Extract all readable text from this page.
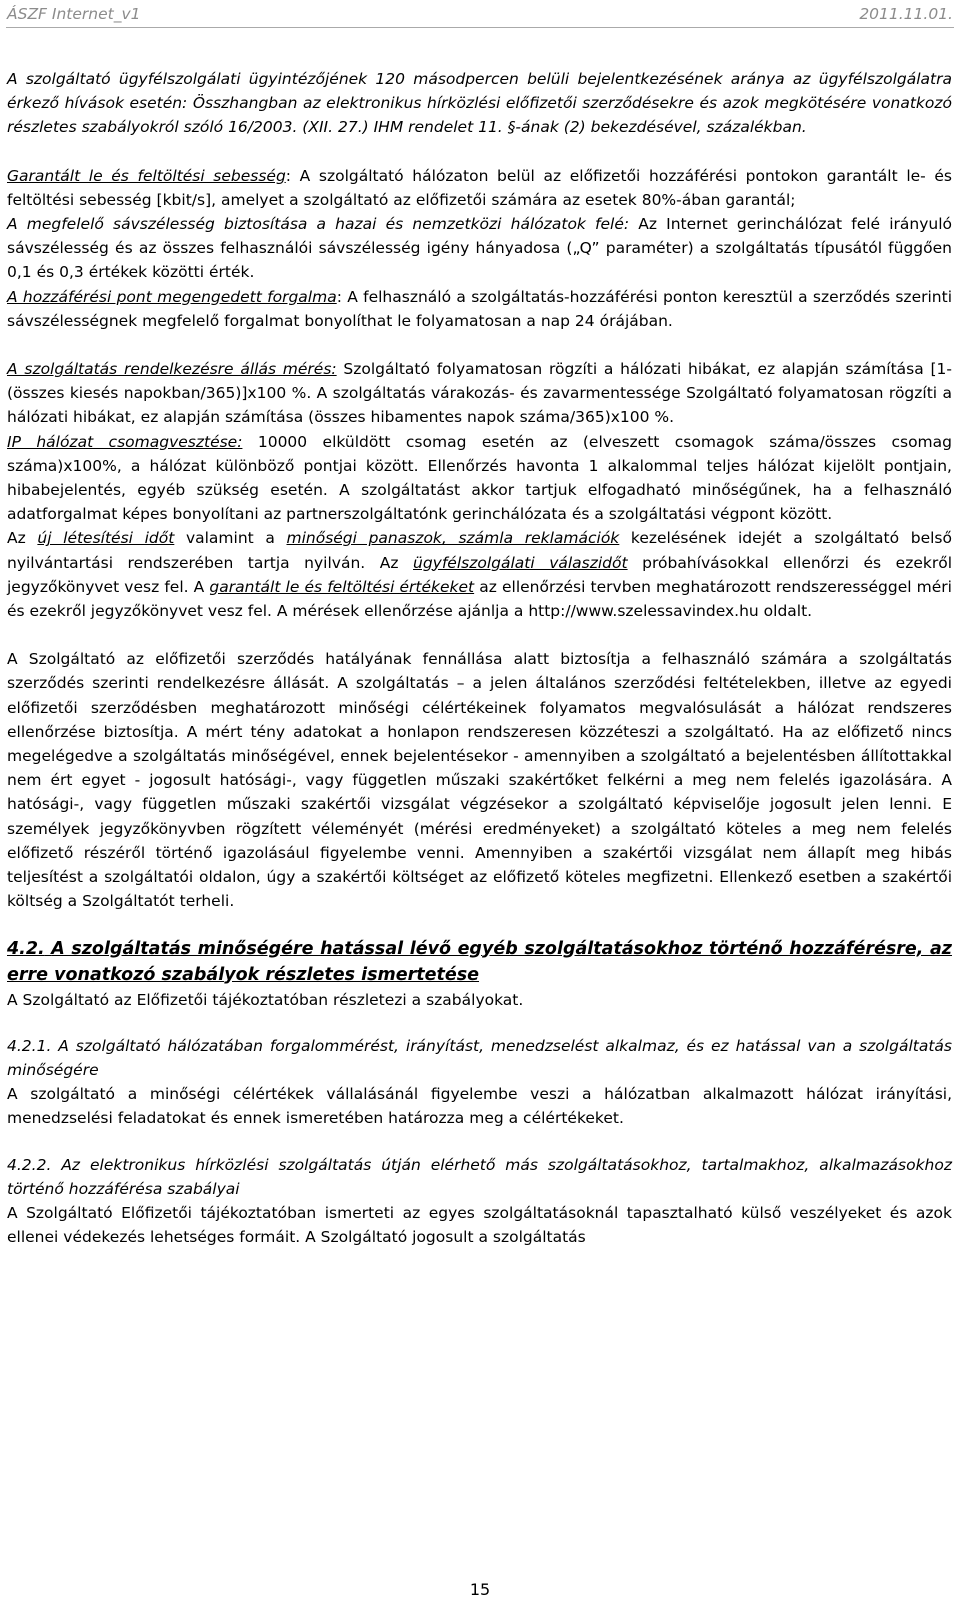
ÁSZF Internet_v1	2011.11.01.

A szolgáltató ügyfélszolgálati ügyintézőjének 120 másodpercen belüli bejelentkezésének aránya az ügyfélszolgálatra érkező hívások esetén: Összhangban az elektronikus hírközlési előfizetői szerződésekre és azok megkötésére vonatkozó részletes szabályokról szóló 16/2003. (XII. 27.) IHM rendelet 11. §-ának (2) bekezdésével, százalékban.

Garantált le és feltöltési sebesség: A szolgáltató hálózaton belül az előfizetői hozzáférési pontokon garantált le- és feltöltési sebesség [kbit/s], amelyet a szolgáltató az előfizetői számára az esetek 80%-ában garantál;

A megfelelő sávszélesség biztosítása a hazai és nemzetközi hálózatok felé: Az Internet gerinchálózat felé irányuló sávszélesség és az összes felhasználói sávszélesség igény hányadosa („Q” paraméter) a szolgáltatás típusától függően 0,1 és 0,3 értékek közötti érték.

A hozzáférési pont megengedett forgalma: A felhasználó a szolgáltatás-hozzáférési ponton keresztül a szerződés szerinti sávszélességnek megfelelő forgalmat bonyolíthat le folyamatosan a nap 24 órájában.

A szolgáltatás rendelkezésre állás mérés: Szolgáltató folyamatosan rögzíti a hálózati hibákat, ez alapján számítása [1-(összes kiesés napokban/365)]x100 %. A szolgáltatás várakozás- és zavarmentessége Szolgáltató folyamatosan rögzíti a hálózati hibákat, ez alapján számítása (összes hibamentes napok száma/365)x100 %.

IP hálózat csomagvesztése: 10000 elküldött csomag esetén az (elveszett csomagok száma/összes csomag száma)x100%, a hálózat különböző pontjai között. Ellenőrzés havonta 1 alkalommal teljes hálózat kijelölt pontjain, hibabejelentés, egyéb szükség esetén. A szolgáltatást akkor tartjuk elfogadható minőségűnek, ha a felhasználó adatforgalmat képes bonyolítani az partnerszolgáltatónk gerinchálózata és a szolgáltatási végpont között.

Az új létesítési időt valamint a minőségi panaszok, számla reklamációk kezelésének idejét a szolgáltató belső nyilvántartási rendszerében tartja nyilván. Az ügyfélszolgálati válaszidőt próbahívásokkal ellenőrzi és ezekről jegyzőkönyvet vesz fel. A garantált le és feltöltési értékeket az ellenőrzési tervben meghatározott rendszerességgel méri és ezekről jegyzőkönyvet vesz fel. A mérések ellenőrzése ajánlja a http://www.szelessavindex.hu oldalt.

A Szolgáltató az előfizetői szerződés hatályának fennállása alatt biztosítja a felhasználó számára a szolgáltatás szerződés szerinti rendelkezésre állását. A szolgáltatás – a jelen általános szerződési feltételekben, illetve az egyedi előfizetői szerződésben meghatározott minőségi célértékeinek folyamatos megvalósulását a hálózat rendszeres ellenőrzése biztosítja. A mért tény adatokat a honlapon rendszeresen közzéteszi a szolgáltató. Ha az előfizető nincs megelégedve a szolgáltatás minőségével, ennek bejelentésekor - amennyiben a szolgáltató a bejelentésben állítottakkal nem ért egyet - jogosult hatósági-, vagy független műszaki szakértőket felkérni a meg nem felelés igazolására. A hatósági-, vagy független műszaki szakértői vizsgálat végzésekor a szolgáltató képviselője jogosult jelen lenni. E személyek jegyzőkönyvben rögzített véleményét (mérési eredményeket) a szolgáltató köteles a meg nem felelés előfizető részéről történő igazolásául figyelembe venni. Amennyiben a szakértői vizsgálat nem állapít meg hibás teljesítést a szolgáltatói oldalon, úgy a szakértői költséget az előfizető köteles megfizetni. Ellenkező esetben a szakértői költség a Szolgáltatót terheli.

4.2. A szolgáltatás minőségére hatással lévő egyéb szolgáltatásokhoz történő hozzáférésre, az erre vonatkozó szabályok részletes ismertetése

A Szolgáltató az Előfizetői tájékoztatóban részletezi a szabályokat.

4.2.1. A szolgáltató hálózatában forgalommérést, irányítást, menedzselést alkalmaz, és ez hatással van a szolgáltatás minőségére

A szolgáltató a minőségi célértékek vállalásánál figyelembe veszi a hálózatban alkalmazott hálózat irányítási, menedzselési feladatokat és ennek ismeretében határozza meg a célértékeket.

4.2.2. Az elektronikus hírközlési szolgáltatás útján elérhető más szolgáltatásokhoz, tartalmakhoz, alkalmazásokhoz történő hozzáférésa szabályai

A Szolgáltató Előfizetői tájékoztatóban ismerteti az egyes szolgáltatásoknál tapasztalható külső veszélyeket és azok ellenei védekezés lehetséges formáit. A Szolgáltató jogosult a szolgáltatás

15
